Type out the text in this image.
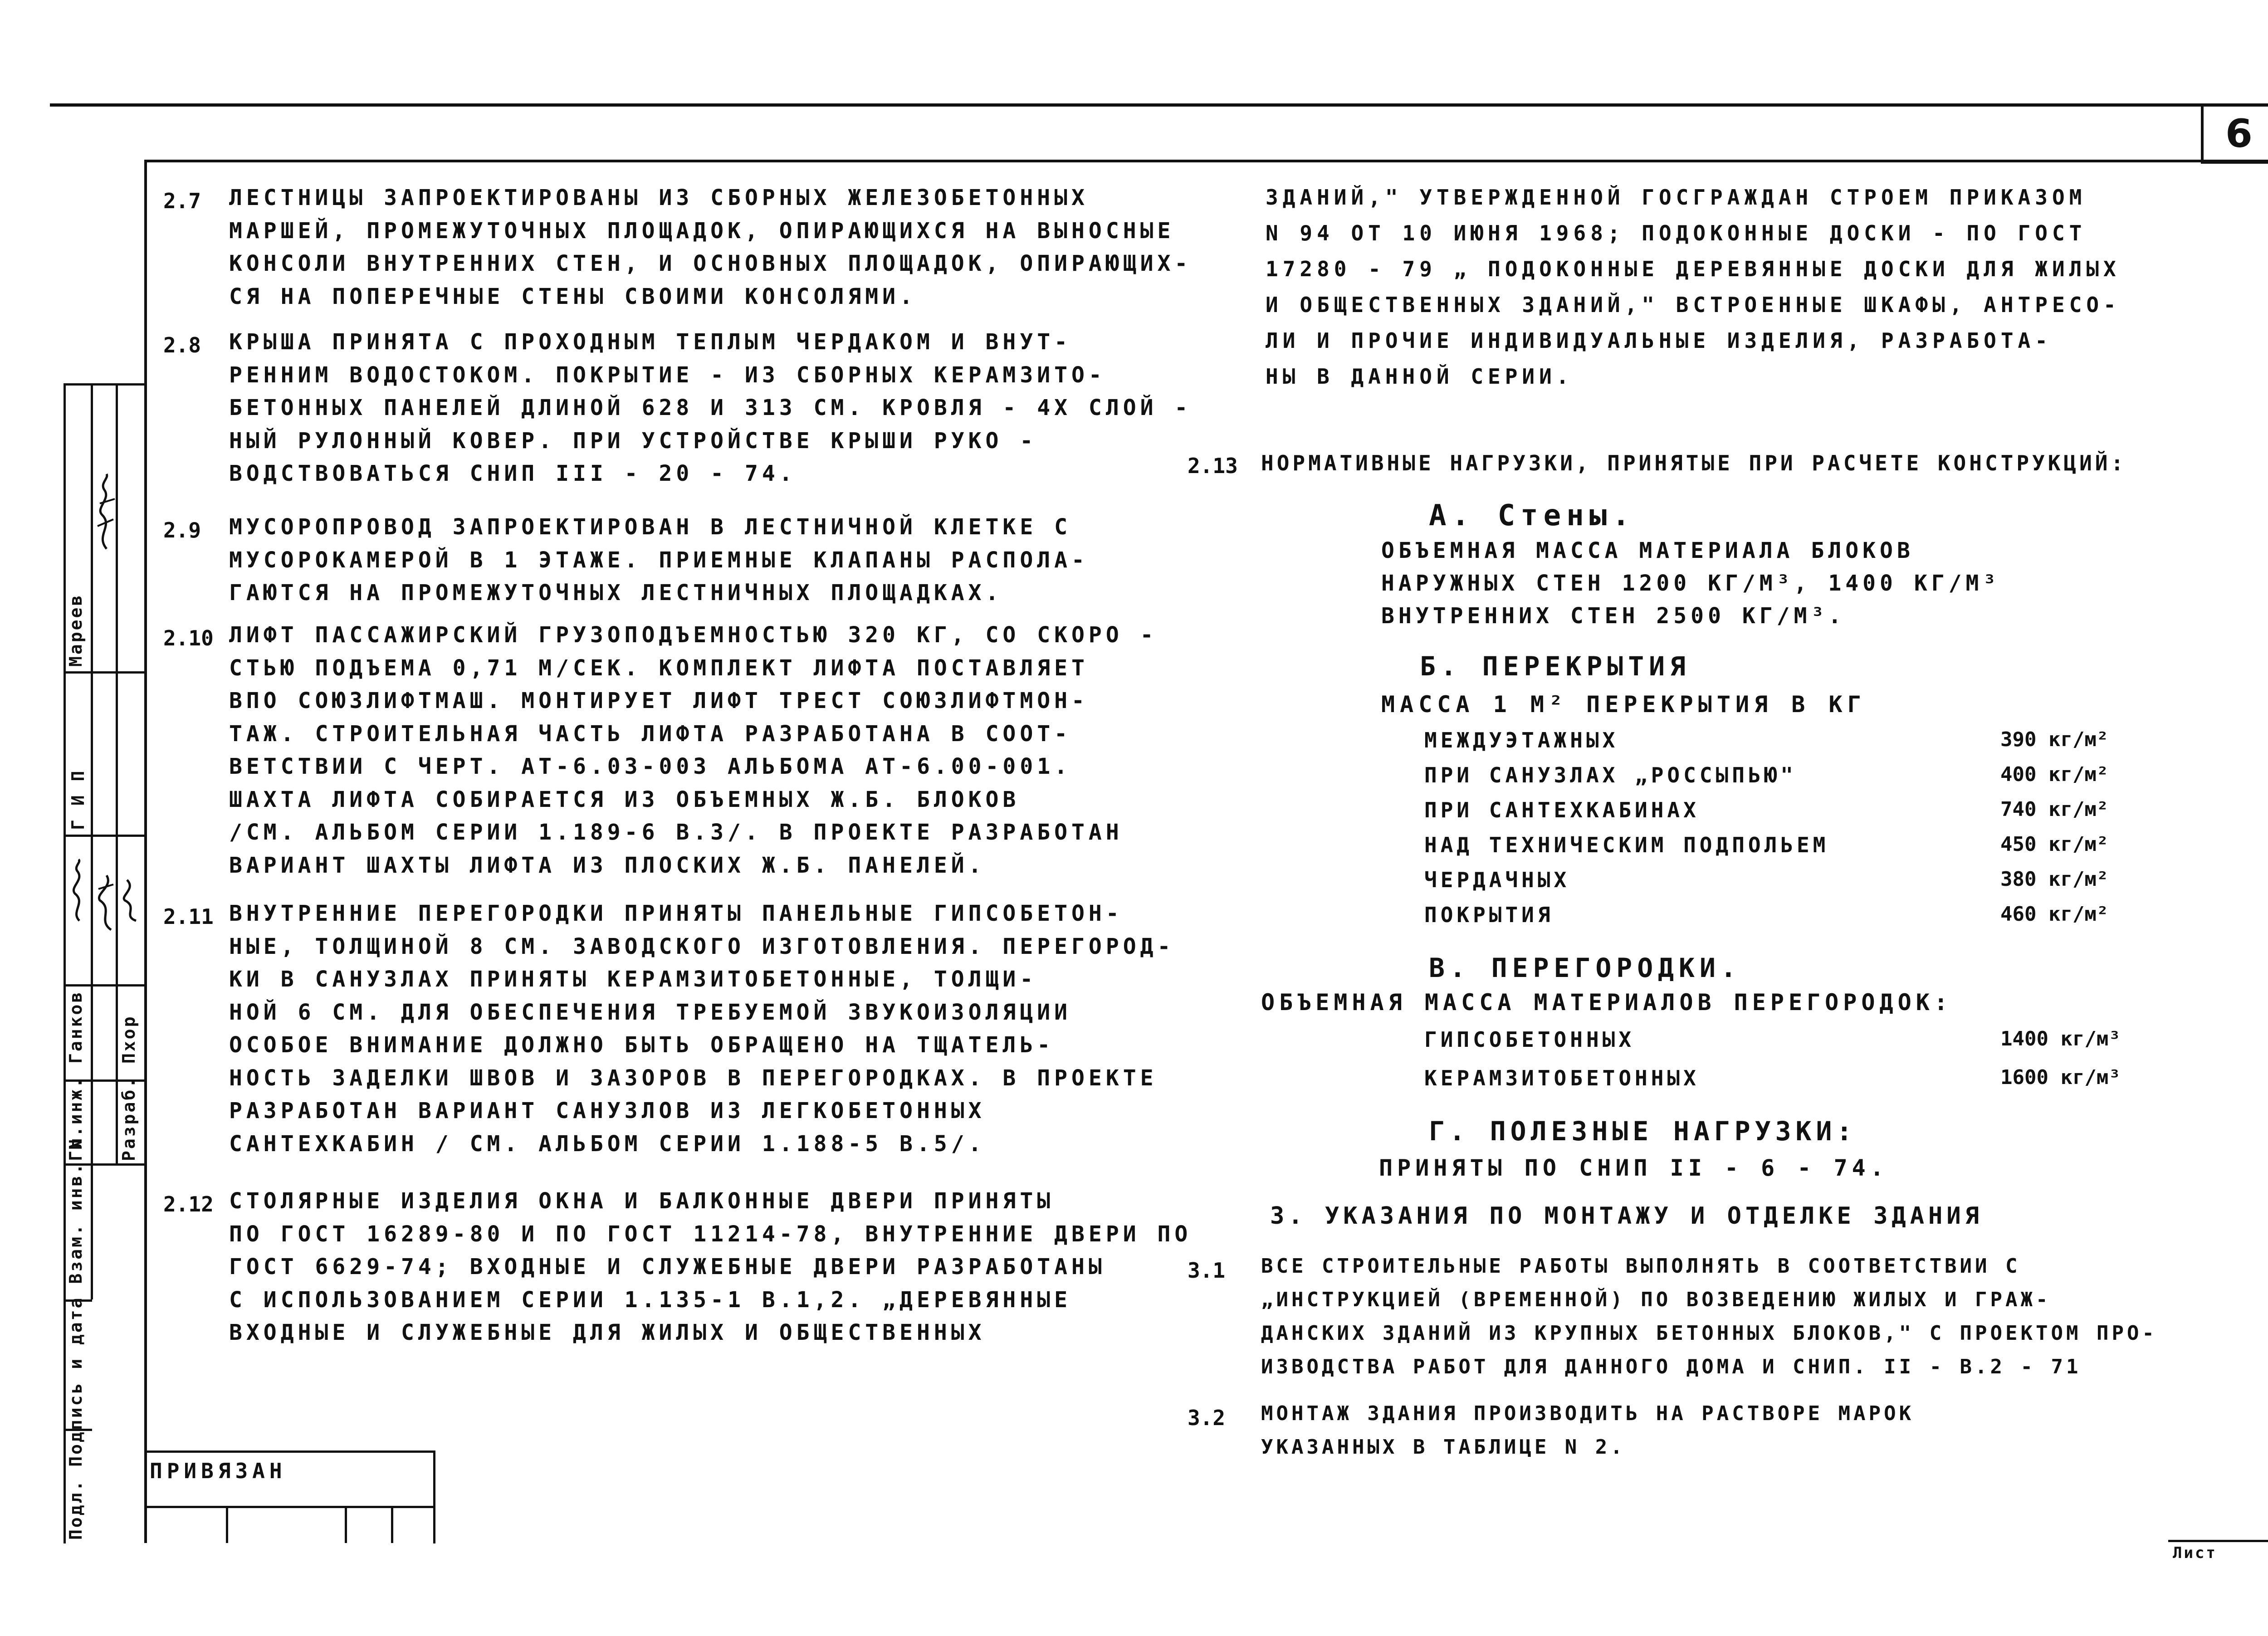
6
2.7 ЛЕСТНИЦЫ ЗАПРОЕКТИРОВАНЫ ИЗ СБОРНЫХ ЖЕЛЕЗОБЕТОННЫХ
МАРШЕЙ, ПРОМЕЖУТОЧНЫХ ПЛОЩАДОК, ОПИРАЮЩИХСЯ НА ВЫНОСНЫЕ
КОНСОЛИ ВНУТРЕННИХ СТЕН, И ОСНОВНЫХ ПЛОЩАДОК, ОПИРАЮЩИХ-
СЯ НА ПОПЕРЕЧНЫЕ СТЕНЫ СВОИМИ КОНСОЛЯМИ.
2.8 КРЫША ПРИНЯТА С ПРОХОДНЫМ ТЕПЛЫМ ЧЕРДАКОМ И ВНУТ-
РЕННИМ ВОДОСТОКОМ. ПОКРЫТИЕ - ИЗ СБОРНЫХ КЕРАМЗИТО-
БЕТОННЫХ ПАНЕЛЕЙ ДЛИНОЙ 628 И 313 СМ. КРОВЛЯ - 4Х СЛОЙ -
НЫЙ РУЛОННЫЙ КОВЕР. ПРИ УСТРОЙСТВЕ КРЫШИ РУКО -
ВОДСТВОВАТЬСЯ СНИП III - 20 - 74.
2.9 МУСОРОПРОВОД ЗАПРОЕКТИРОВАН В ЛЕСТНИЧНОЙ КЛЕТКЕ С
МУСОРОКАМЕРОЙ В 1 ЭТАЖЕ. ПРИЕМНЫЕ КЛАПАНЫ РАСПОЛА-
ГАЮТСЯ НА ПРОМЕЖУТОЧНЫХ ЛЕСТНИЧНЫХ ПЛОЩАДКАХ.
2.10 ЛИФТ ПАССАЖИРСКИЙ ГРУЗОПОДЪЕМНОСТЬЮ 320 КГ, СО СКОРО -
СТЬЮ ПОДЪЕМА 0,71 М/СЕК. КОМПЛЕКТ ЛИФТА ПОСТАВЛЯЕТ
ВПО СОЮЗЛИФТМАШ. МОНТИРУЕТ ЛИФТ ТРЕСТ СОЮЗЛИФТМОН-
ТАЖ. СТРОИТЕЛЬНАЯ ЧАСТЬ ЛИФТА РАЗРАБОТАНА В СООТ-
ВЕТСТВИИ С ЧЕРТ. АТ-6.03-003 АЛЬБОМА АТ-6.00-001.
ШАХТА ЛИФТА СОБИРАЕТСЯ ИЗ ОБЪЕМНЫХ Ж.Б. БЛОКОВ
/СМ. АЛЬБОМ СЕРИИ 1.189-6 В.3/. В ПРОЕКТЕ РАЗРАБОТАН
ВАРИАНТ ШАХТЫ ЛИФТА ИЗ ПЛОСКИХ Ж.Б. ПАНЕЛЕЙ.
2.11 ВНУТРЕННИЕ ПЕРЕГОРОДКИ ПРИНЯТЫ ПАНЕЛЬНЫЕ ГИПСОБЕТОН-
НЫЕ, ТОЛЩИНОЙ 8 СМ. ЗАВОДСКОГО ИЗГОТОВЛЕНИЯ. ПЕРЕГОРОД-
КИ В САНУЗЛАХ ПРИНЯТЫ КЕРАМЗИТОБЕТОННЫЕ, ТОЛЩИ-
НОЙ 6 СМ. ДЛЯ ОБЕСПЕЧЕНИЯ ТРЕБУЕМОЙ ЗВУКОИЗОЛЯЦИИ
ОСОБОЕ ВНИМАНИЕ ДОЛЖНО БЫТЬ ОБРАЩЕНО НА ТЩАТЕЛЬ-
НОСТЬ ЗАДЕЛКИ ШВОВ И ЗАЗОРОВ В ПЕРЕГОРОДКАХ. В ПРОЕКТЕ
РАЗРАБОТАН ВАРИАНТ САНУЗЛОВ ИЗ ЛЕГКОБЕТОННЫХ
САНТЕХКАБИН / СМ. АЛЬБОМ СЕРИИ 1.188-5 В.5/.
2.12 СТОЛЯРНЫЕ ИЗДЕЛИЯ ОКНА И БАЛКОННЫЕ ДВЕРИ ПРИНЯТЫ
ПО ГОСТ 16289-80 И ПО ГОСТ 11214-78, ВНУТРЕННИЕ ДВЕРИ ПО
ГОСТ 6629-74; ВХОДНЫЕ И СЛУЖЕБНЫЕ ДВЕРИ РАЗРАБОТАНЫ
С ИСПОЛЬЗОВАНИЕМ СЕРИИ 1.135-1 В.1,2. „ДЕРЕВЯННЫЕ
ВХОДНЫЕ И СЛУЖЕБНЫЕ ДЛЯ ЖИЛЫХ И ОБЩЕСТВЕННЫХ
ЗДАНИЙ," УТВЕРЖДЕННОЙ ГОСГРАЖДАН СТРОЕМ ПРИКАЗОМ
N 94 ОТ 10 ИЮНЯ 1968; ПОДОКОННЫЕ ДОСКИ - ПО ГОСТ
17280 - 79 „ ПОДОКОННЫЕ ДЕРЕВЯННЫЕ ДОСКИ ДЛЯ ЖИЛЫХ
И ОБЩЕСТВЕННЫХ ЗДАНИЙ," ВСТРОЕННЫЕ ШКАФЫ, АНТРЕСО-
ЛИ И ПРОЧИЕ ИНДИВИДУАЛЬНЫЕ ИЗДЕЛИЯ, РАЗРАБОТА-
НЫ В ДАННОЙ СЕРИИ.
2.13 НОРМАТИВНЫЕ НАГРУЗКИ, ПРИНЯТЫЕ ПРИ РАСЧЕТЕ КОНСТРУКЦИЙ:
А. Стены.
ОБЪЕМНАЯ МАССА МАТЕРИАЛА БЛОКОВ
НАРУЖНЫХ СТЕН 1200 КГ/М³, 1400 КГ/М³
ВНУТРЕННИХ СТЕН 2500 КГ/М³.
Б. ПЕРЕКРЫТИЯ
МАССА 1 М² ПЕРЕКРЫТИЯ В КГ
МЕЖДУЭТАЖНЫХ	390 кг/м²
ПРИ САНУЗЛАХ „РОССЫПЬЮ"	400 кг/м²
ПРИ САНТЕХКАБИНАХ	740 кг/м²
НАД ТЕХНИЧЕСКИМ ПОДПОЛЬЕМ	450 кг/м²
ЧЕРДАЧНЫХ	380 кг/м²
ПОКРЫТИЯ	460 кг/м²
В. ПЕРЕГОРОДКИ.
ОБЪЕМНАЯ МАССА МАТЕРИАЛОВ ПЕРЕГОРОДОК:
ГИПСОБЕТОННЫХ	1400 кг/м³
КЕРАМЗИТОБЕТОННЫХ	1600 кг/м³
Г. ПОЛЕЗНЫЕ НАГРУЗКИ:
ПРИНЯТЫ ПО СНИП II - 6 - 74.
3. УКАЗАНИЯ ПО МОНТАЖУ И ОТДЕЛКЕ ЗДАНИЯ
3.1 ВСЕ СТРОИТЕЛЬНЫЕ РАБОТЫ ВЫПОЛНЯТЬ В СООТВЕТСТВИИ С
„ИНСТРУКЦИЕЙ (ВРЕМЕННОЙ) ПО ВОЗВЕДЕНИЮ ЖИЛЫХ И ГРАЖ-
ДАНСКИХ ЗДАНИЙ ИЗ КРУПНЫХ БЕТОННЫХ БЛОКОВ," С ПРОЕКТОМ ПРО-
ИЗВОДСТВА РАБОТ ДЛЯ ДАННОГО ДОМА И СНИП. II - В.2 - 71
3.2 МОНТАЖ ЗДАНИЯ ПРОИЗВОДИТЬ НА РАСТВОРЕ МАРОК
УКАЗАННЫХ В ТАБЛИЦЕ N 2.
ПРИВЯЗАН
Подл. Подпись и дата Взам. инв. N
Гл.инж. Ганков
Мареев
Г И П
Разраб. Пхор
Лист
